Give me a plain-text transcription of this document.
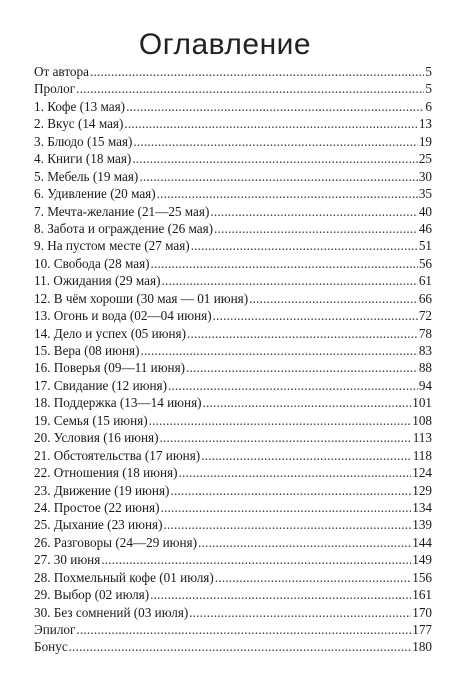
Оглавление
От автора .....	5
Пролог .....	5
1. Кофе (13 мая) .....	6
2. Вкус (14 мая) .....	13
3. Блюдо (15 мая) .....	19
4. Книги (18 мая) .....	25
5. Мебель (19 мая) .....	30
6. Удивление (20 мая) .....	35
7. Мечта-желание (21—25 мая) .....	40
8. Забота и ограждение (26 мая) .....	46
9. На пустом месте (27 мая) .....	51
10. Свобода (28 мая) .....	56
11. Ожидания (29 мая) .....	61
12. В чём хороши (30 мая — 01 июня) .....	66
13. Огонь и вода (02—04 июня) .....	72
14. Дело и успех (05 июня) .....	78
15. Вера (08 июня) .....	83
16. Поверья (09—11 июня) .....	88
17. Свидание (12 июня) .....	94
18. Поддержка (13—14 июня) .....	101
19. Семья (15 июня) .....	108
20. Условия (16 июня) .....	113
21. Обстоятельства (17 июня) .....	118
22. Отношения (18 июня) .....	124
23. Движение (19 июня) .....	129
24. Простое (22 июня) .....	134
25. Дыхание (23 июня) .....	139
26. Разговоры (24—29 июня) .....	144
27. 30 июня .....	149
28. Похмельный кофе (01 июля) .....	156
29. Выбор (02 июля) .....	161
30. Без сомнений (03 июля) .....	170
Эпилог .....	177
Бонус .....	180
